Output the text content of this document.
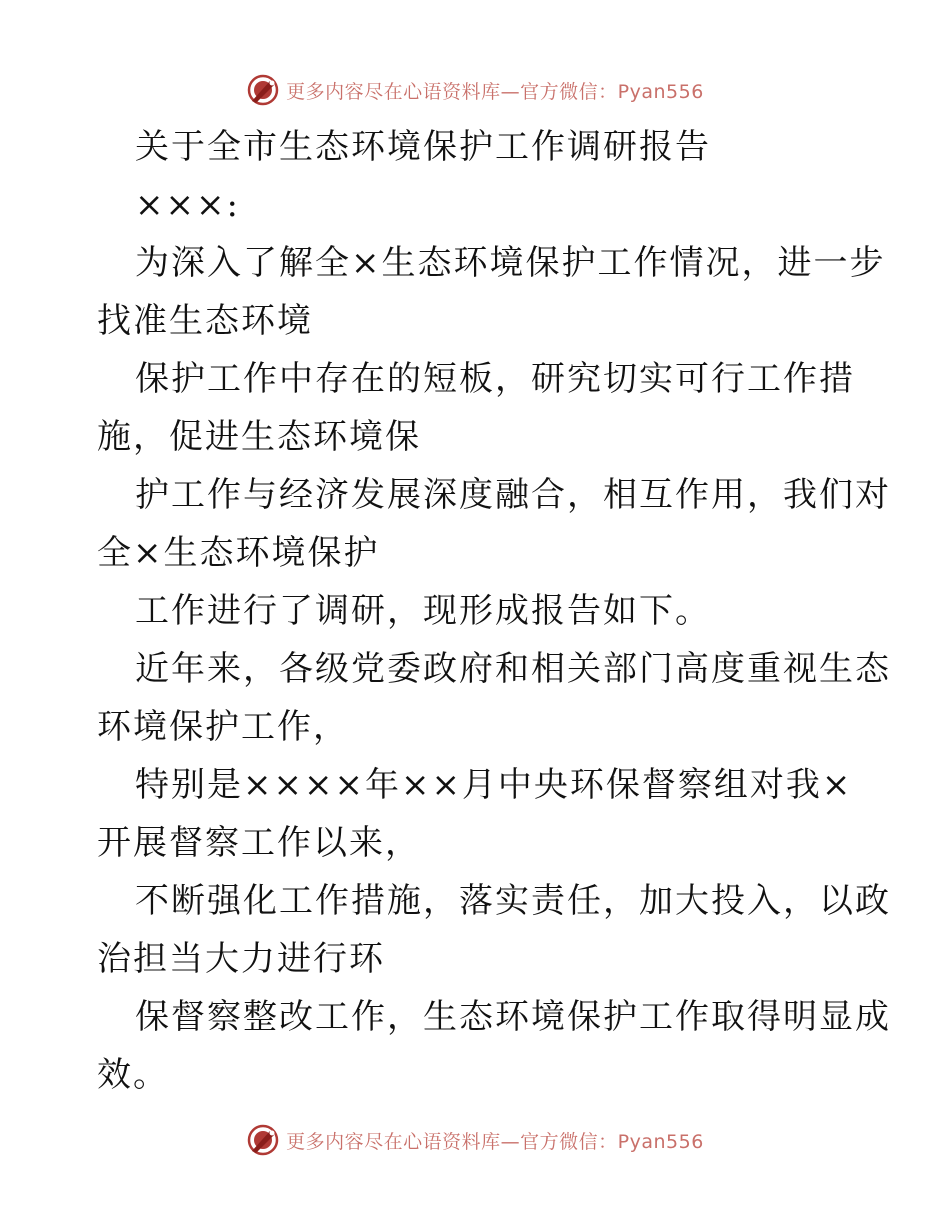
更多内容尽在心语资料库—官方微信：Pyan556
关于全市生态环境保护工作调研报告
×××:
为深入了解全×生态环境保护工作情况，进一步
找准生态环境
保护工作中存在的短板，研究切实可行工作措
施，促进生态环境保
护工作与经济发展深度融合，相互作用，我们对
全×生态环境保护
工作进行了调研，现形成报告如下。
近年来，各级党委政府和相关部门高度重视生态
环境保护工作，
特别是××××年××月中央环保督察组对我×
开展督察工作以来，
不断强化工作措施，落实责任，加大投入，以政
治担当大力进行环
保督察整改工作，生态环境保护工作取得明显成
效。
更多内容尽在心语资料库—官方微信：Pyan556
